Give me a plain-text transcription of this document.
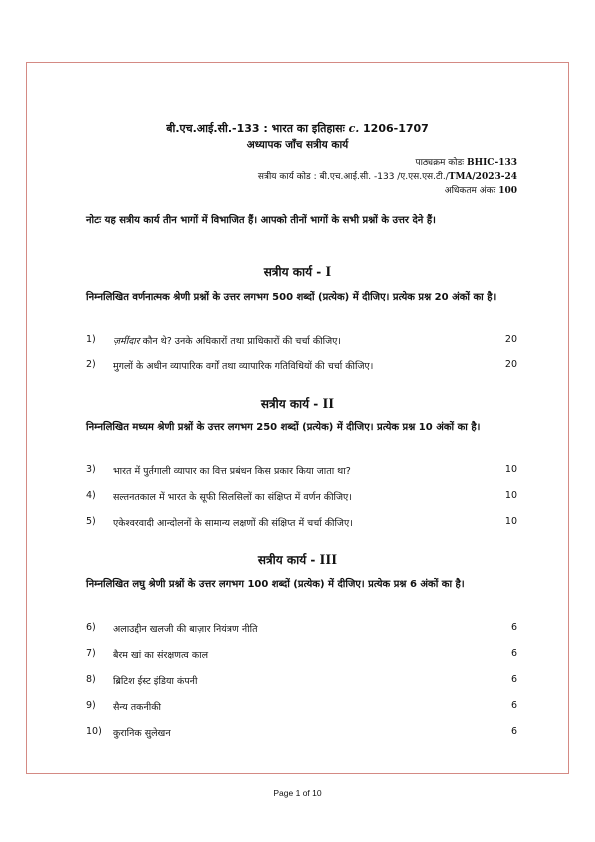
बी.एच.आई.सी.-133 : भारत का इतिहासः c. 1206-1707
अध्यापक जाँच सत्रीय कार्य
पाठ्यक्रम कोडः BHIC-133
सत्रीय कार्य कोड : बी.एच.आई.सी. -133 /ए.एस.एस.टी./TMA/2023-24
अधिकतम अंकः 100
नोटः यह सत्रीय कार्य तीन भागों में विभाजित हैं। आपको तीनों भागों के सभी प्रश्नों के उत्तर देने हैं।
सत्रीय कार्य - I
निम्नलिखित वर्णनात्मक श्रेणी प्रश्नों के उत्तर लगभग 500 शब्दों (प्रत्येक) में दीजिए। प्रत्येक प्रश्न 20 अंकों का है।
1) ज़मींदार कौन थे? उनके अधिकारों तथा प्राधिकारों की चर्चा कीजिए।	20
2) मुगलों के अधीन व्यापारिक वर्गों तथा व्यापारिक गतिविधियों की चर्चा कीजिए।	20
सत्रीय कार्य - II
निम्नलिखित मध्यम श्रेणी प्रश्नों के उत्तर लगभग 250 शब्दों (प्रत्येक) में दीजिए। प्रत्येक प्रश्न 10 अंकों का है।
3) भारत में पुर्तगाली व्यापार का वित्त प्रबंधन किस प्रकार किया जाता था?	10
4) सल्तनतकाल में भारत के सूफी सिलसिलों का संक्षिप्त में वर्णन कीजिए।	10
5) एकेश्वरवादी आन्दोलनों के सामान्य लक्षणों की संक्षिप्त में चर्चा कीजिए।	10
सत्रीय कार्य - III
निम्नलिखित लघु श्रेणी प्रश्नों के उत्तर लगभग 100 शब्दों (प्रत्येक) में दीजिए। प्रत्येक प्रश्न 6 अंकों का है।
6) अलाउद्दीन खलजी की बाज़ार नियंत्रण नीति	6
7) बैरम खां का संरक्षणत्व काल	6
8) ब्रिटिश ईस्ट इंडिया कंपनी	6
9) सैन्य तकनीकी	6
10) कुरानिक सुलेखन	6
Page 1 of 10
